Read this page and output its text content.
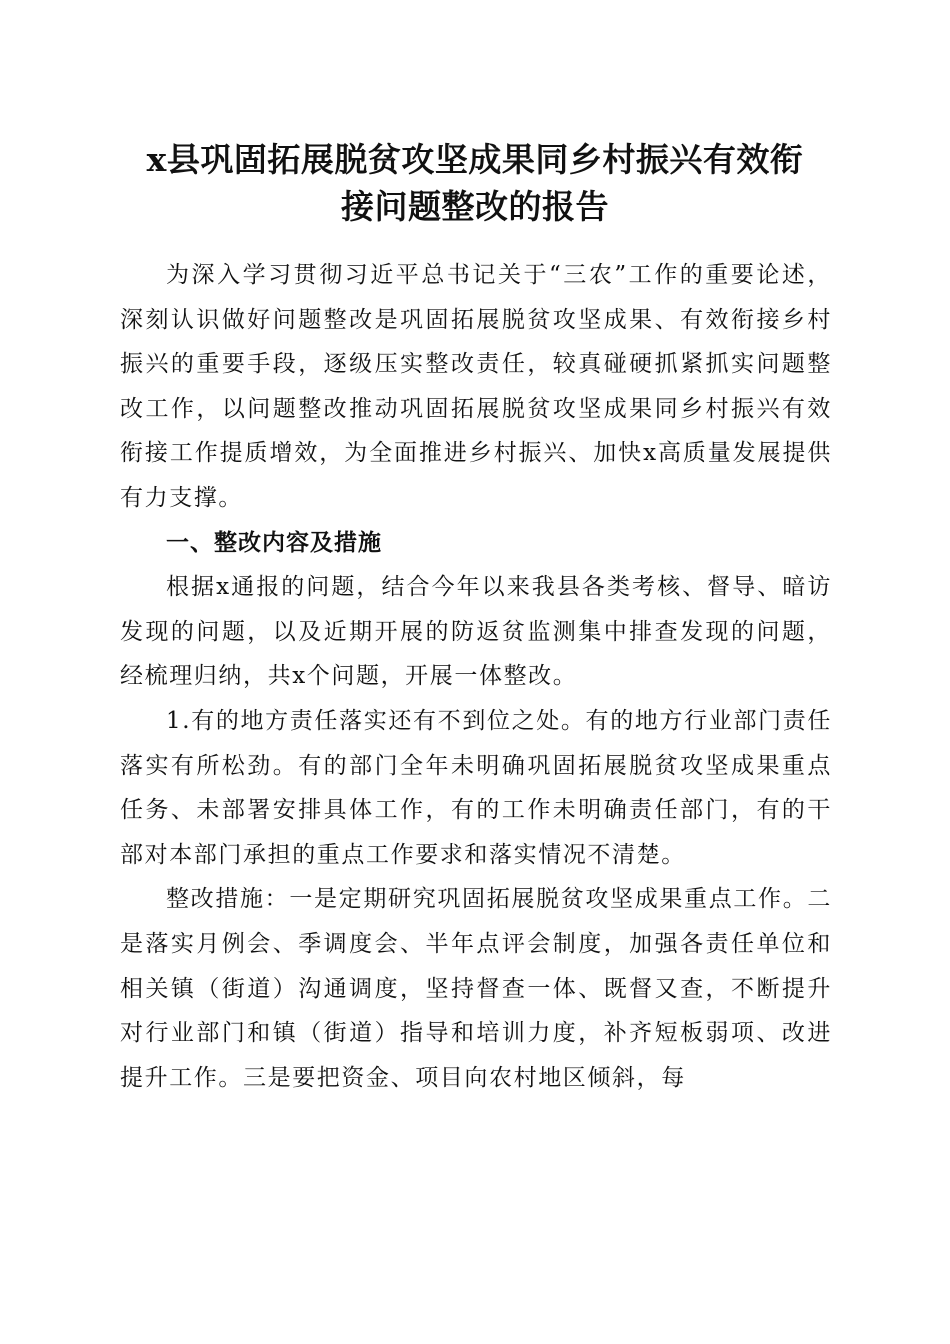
x县巩固拓展脱贫攻坚成果同乡村振兴有效衔
接问题整改的报告

为深入学习贯彻习近平总书记关于“三农”工作的重要论述，深刻认识做好问题整改是巩固拓展脱贫攻坚成果、有效衔接乡村振兴的重要手段，逐级压实整改责任，较真碰硬抓紧抓实问题整改工作，以问题整改推动巩固拓展脱贫攻坚成果同乡村振兴有效衔接工作提质增效，为全面推进乡村振兴、加快x高质量发展提供有力支撑。

一、整改内容及措施

根据x通报的问题，结合今年以来我县各类考核、督导、暗访发现的问题，以及近期开展的防返贫监测集中排查发现的问题，经梳理归纳，共x个问题，开展一体整改。

1.有的地方责任落实还有不到位之处。有的地方行业部门责任落实有所松劲。有的部门全年未明确巩固拓展脱贫攻坚成果重点任务、未部署安排具体工作，有的工作未明确责任部门，有的干部对本部门承担的重点工作要求和落实情况不清楚。

整改措施：一是定期研究巩固拓展脱贫攻坚成果重点工作。二是落实月例会、季调度会、半年点评会制度，加强各责任单位和相关镇（街道）沟通调度，坚持督查一体、既督又查，不断提升对行业部门和镇（街道）指导和培训力度，补齐短板弱项、改进提升工作。三是要把资金、项目向农村地区倾斜，每
